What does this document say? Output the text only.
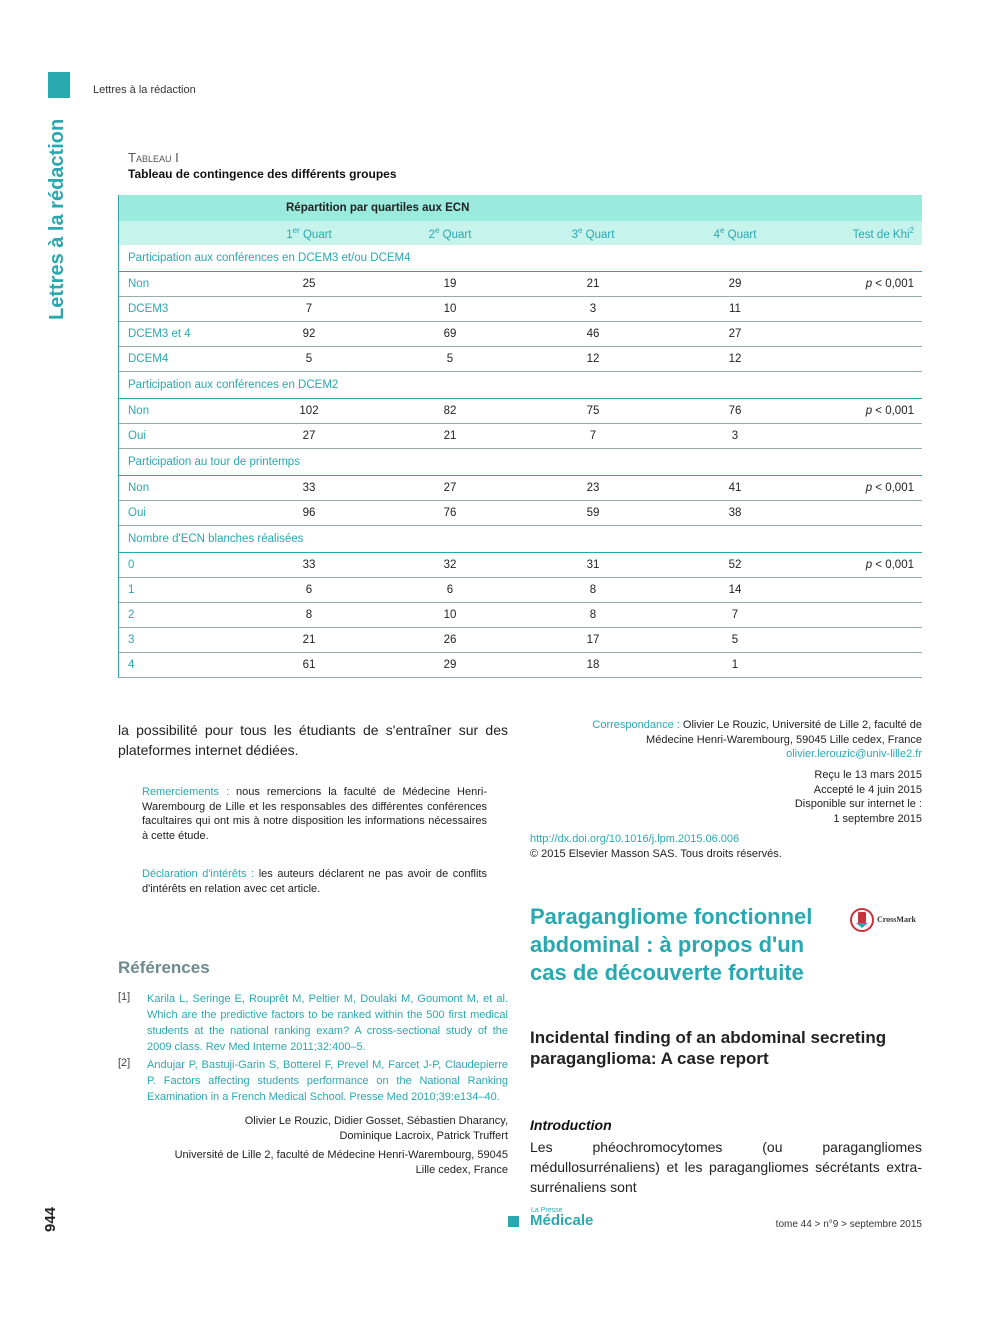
Lettres à la rédaction
Lettres à la rédaction
944
Tableau I
Tableau de contingence des différents groupes
	Répartition par quartiles aux ECN				
	1er Quart	2e Quart	3e Quart	4e Quart	Test de Khi$^2$
Participation aux conférences en DCEM3 et/ou DCEM4					
Non	25	19	21	29	p < 0,001
DCEM3	7	10	3	11	
DCEM3 et 4	92	69	46	27	
DCEM4	5	5	12	12	
Participation aux conférences en DCEM2					
Non	102	82	75	76	p < 0,001
Oui	27	21	7	3	
Participation au tour de printemps					
Non	33	27	23	41	p < 0,001
Oui	96	76	59	38	
Nombre d'ECN blanches réalisées					
0	33	32	31	52	p < 0,001
1	6	6	8	14	
2	8	10	8	7	
3	21	26	17	5	
4	61	29	18	1	
la possibilité pour tous les étudiants de s'entraîner sur des plateformes internet dédiées.
Remerciements : nous remercions la faculté de Médecine Henri-Warembourg de Lille et les responsables des différentes conférences facultaires qui ont mis à notre disposition les informations nécessaires à cette étude.
Déclaration d'intérêts : les auteurs déclarent ne pas avoir de conflits d'intérêts en relation avec cet article.
Références
[1]	Karila L, Seringe E, Rouprêt M, Peltier M, Doulaki M, Goumont M, et al. Which are the predictive factors to be ranked within the 500 first medical students at the national ranking exam? A cross-sectional study of the 2009 class. Rev Med Interne 2011;32:400–5.
[2]	Andujar P, Bastuji-Garin S, Botterel F, Prevel M, Farcet J-P, Claudepierre P. Factors affecting students performance on the National Ranking Examination in a French Medical School. Presse Med 2010;39:e134–40.
Olivier Le Rouzic, Didier Gosset, Sébastien Dharancy,
Dominique Lacroix, Patrick Truffert
Université de Lille 2, faculté de Médecine Henri-Warembourg, 59045
Lille cedex, France
Correspondance : Olivier Le Rouzic, Université de Lille 2, faculté de
Médecine Henri-Warembourg, 59045 Lille cedex, France
olivier.lerouzic@univ-lille2.fr
Reçu le 13 mars 2015
Accepté le 4 juin 2015
Disponible sur internet le :
1 septembre 2015
http://dx.doi.org/10.1016/j.lpm.2015.06.006
© 2015 Elsevier Masson SAS. Tous droits réservés.
Paragangliome fonctionnel abdominal : à propos d'un cas de découverte fortuite
CrossMark
Incidental finding of an abdominal secreting paraganglioma: A case report
Introduction
Les phéochromocytomes (ou paragangliomes médullosurrénaliens) et les paragangliomes sécrétants extra-surrénaliens sont
La Presse
Médicale	tome 44 > n°9 > septembre 2015
